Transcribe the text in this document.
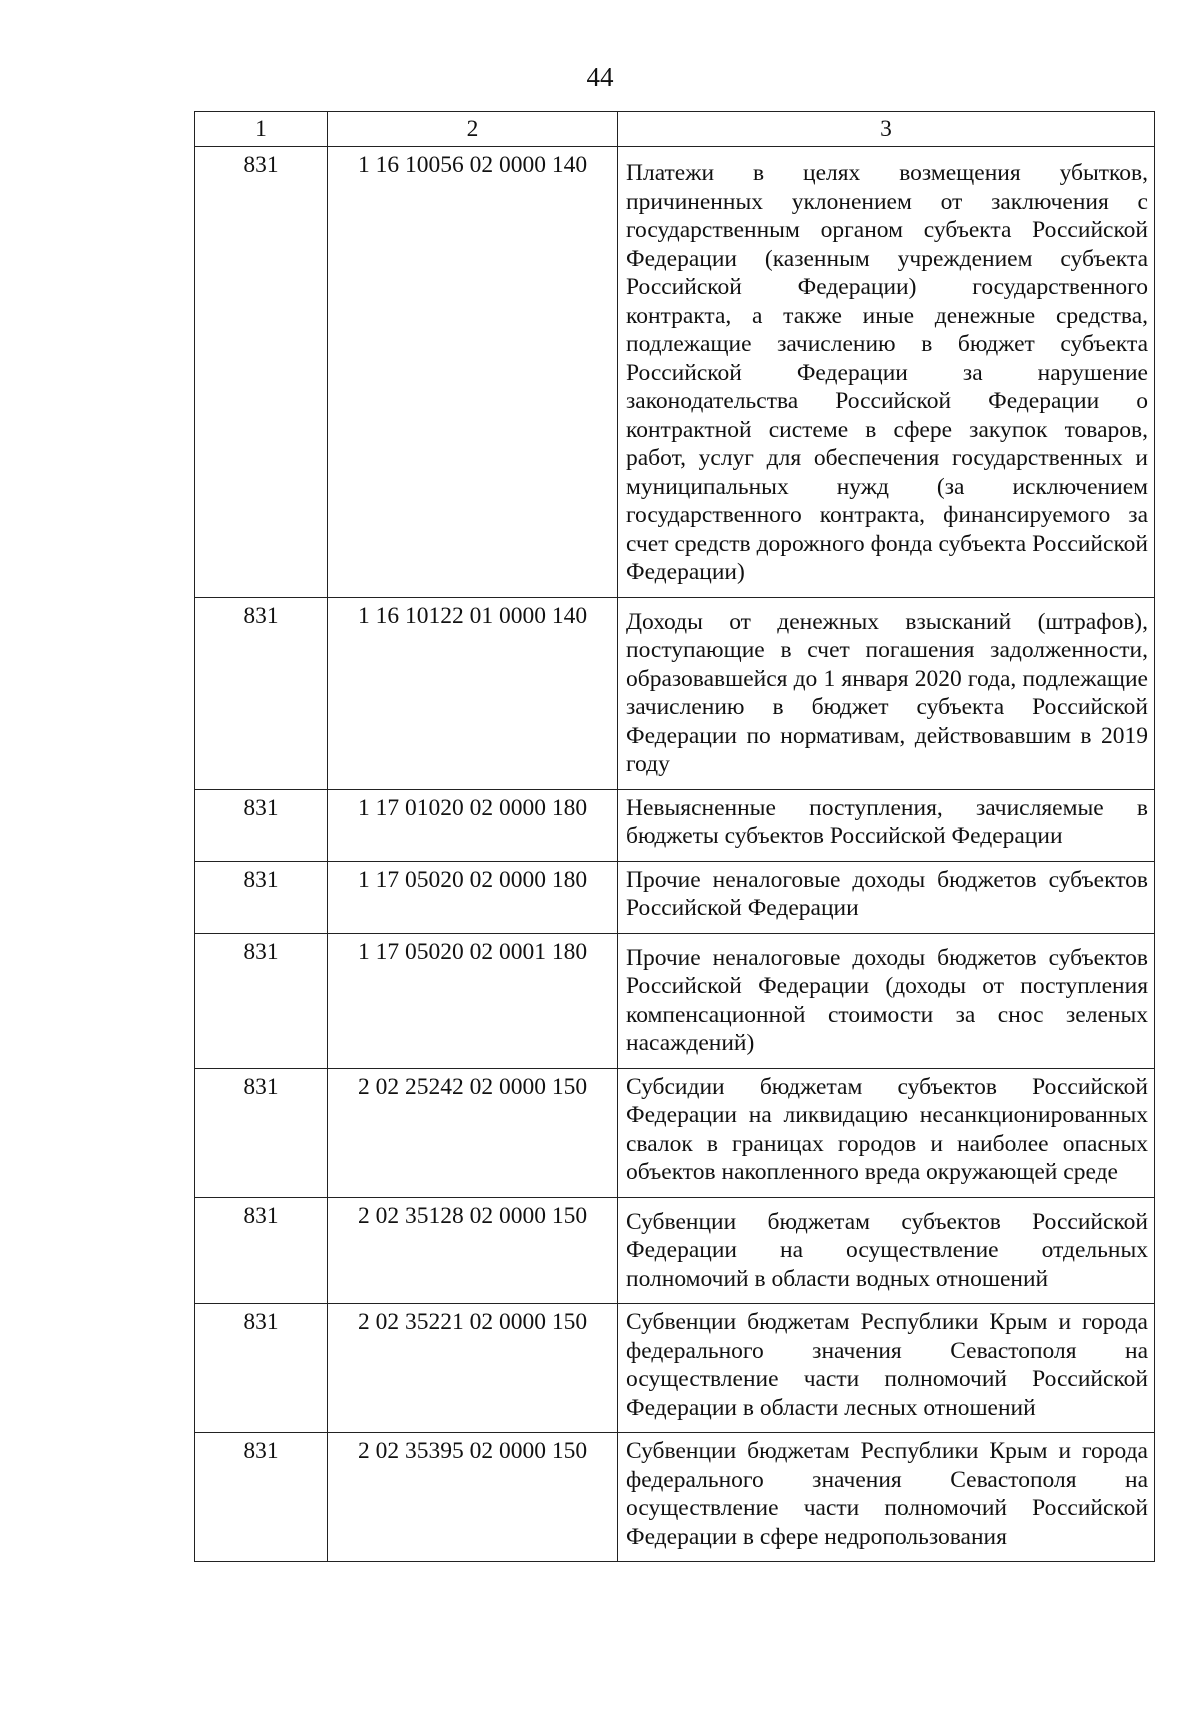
44
1	2	3
831	1 16 10056 02 0000 140	Платежи в целях возмещения убытков, причиненных уклонением от заключения с государственным органом субъекта Российской Федерации (казенным учреждением субъекта Российской Федерации) государственного контракта, а также иные денежные средства, подлежащие зачислению в бюджет субъекта Российской Федерации за нарушение законодательства Российской Федерации о контрактной системе в сфере закупок товаров, работ, услуг для обеспечения государственных и муниципальных нужд (за исключением государственного контракта, финансируемого за счет средств дорожного фонда субъекта Российской Федерации)
831	1 16 10122 01 0000 140	Доходы от денежных взысканий (штрафов), поступающие в счет погашения задолженности, образовавшейся до 1 января 2020 года, подлежащие зачислению в бюджет субъекта Российской Федерации по нормативам, действовавшим в 2019 году
831	1 17 01020 02 0000 180	Невыясненные поступления, зачисляемые в бюджеты субъектов Российской Федерации
831	1 17 05020 02 0000 180	Прочие неналоговые доходы бюджетов субъектов Российской Федерации
831	1 17 05020 02 0001 180	Прочие неналоговые доходы бюджетов субъектов Российской Федерации (доходы от поступления компенсационной стоимости за снос зеленых насаждений)
831	2 02 25242 02 0000 150	Субсидии бюджетам субъектов Российской Федерации на ликвидацию несанкционированных свалок в границах городов и наиболее опасных объектов накопленного вреда окружающей среде
831	2 02 35128 02 0000 150	Субвенции бюджетам субъектов Российской Федерации на осуществление отдельных полномочий в области водных отношений
831	2 02 35221 02 0000 150	Субвенции бюджетам Республики Крым и города федерального значения Севастополя на осуществление части полномочий Российской Федерации в области лесных отношений
831	2 02 35395 02 0000 150	Субвенции бюджетам Республики Крым и города федерального значения Севастополя на осуществление части полномочий Российской Федерации в сфере недропользования
